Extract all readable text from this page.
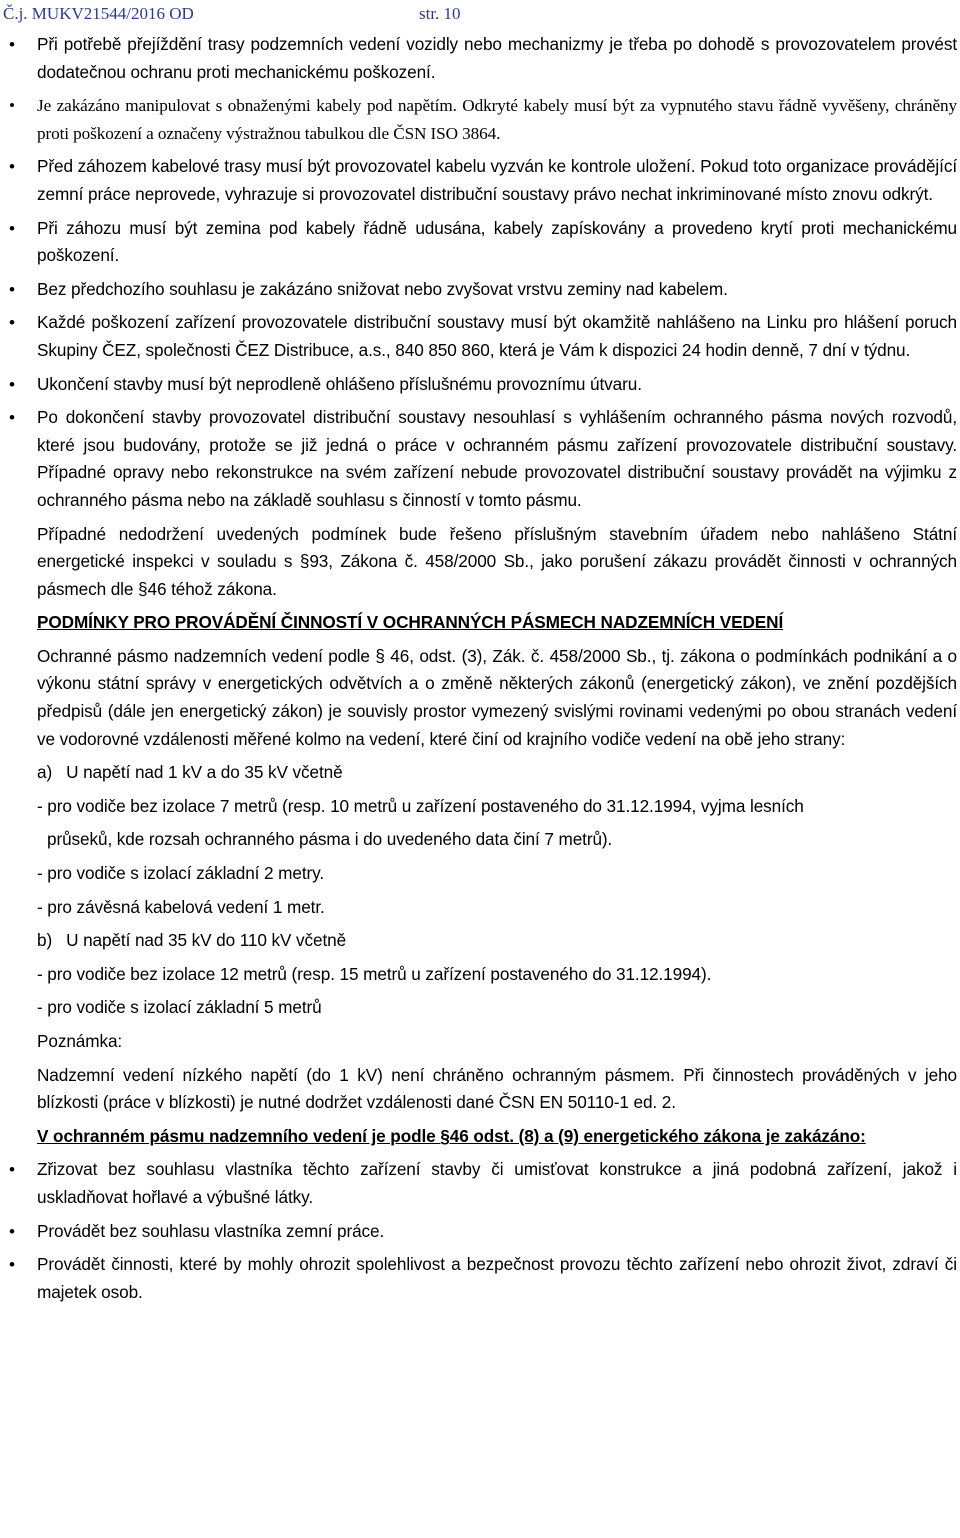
Č.j. MUKV21544/2016 OD	str. 10
• Při potřebě přejíždění trasy podzemních vedení vozidly nebo mechanizmy je třeba po dohodě s provozovatelem provést dodatečnou ochranu proti mechanickému poškození.
• Je zakázáno manipulovat s obnaženými kabely pod napětím. Odkryté kabely musí být za vypnutého stavu řádně vyvěšeny, chráněny proti poškození a označeny výstražnou tabulkou dle ČSN ISO 3864.
• Před záhozem kabelové trasy musí být provozovatel kabelu vyzván ke kontrole uložení. Pokud toto organizace provádějící zemní práce neprovede, vyhrazuje si provozovatel distribuční soustavy právo nechat inkriminované místo znovu odkrýt.
• Při záhozu musí být zemina pod kabely řádně udusána, kabely zapískovány a provedeno krytí proti mechanickému poškození.
• Bez předchozího souhlasu je zakázáno snižovat nebo zvyšovat vrstvu zeminy nad kabelem.
• Každé poškození zařízení provozovatele distribuční soustavy musí být okamžitě nahlášeno na Linku pro hlášení poruch Skupiny ČEZ, společnosti ČEZ Distribuce, a.s., 840 850 860, která je Vám k dispozici 24 hodin denně, 7 dní v týdnu.
• Ukončení stavby musí být neprodleně ohlášeno příslušnému provoznímu útvaru.
• Po dokončení stavby provozovatel distribuční soustavy nesouhlasí s vyhlášením ochranného pásma nových rozvodů, které jsou budovány, protože se již jedná o práce v ochranném pásmu zařízení provozovatele distribuční soustavy. Případné opravy nebo rekonstrukce na svém zařízení nebude provozovatel distribuční soustavy provádět na výjimku z ochranného pásma nebo na základě souhlasu s činností v tomto pásmu.

Případné nedodržení uvedených podmínek bude řešeno příslušným stavebním úřadem nebo nahlášeno Státní energetické inspekci v souladu s §93, Zákona č. 458/2000 Sb., jako porušení zákazu provádět činnosti v ochranných pásmech dle §46 téhož zákona.

PODMÍNKY PRO PROVÁDĚNÍ ČINNOSTÍ V OCHRANNÝCH PÁSMECH NADZEMNÍCH VEDENÍ

Ochranné pásmo nadzemních vedení podle § 46, odst. (3), Zák. č. 458/2000 Sb., tj. zákona o podmínkách podnikání a o výkonu státní správy v energetických odvětvích a o změně některých zákonů (energetický zákon), ve znění pozdějších předpisů (dále jen energetický zákon) je souvisly prostor vymezený svislými rovinami vedenými po obou stranách vedení ve vodorovné vzdálenosti měřené kolmo na vedení, které činí od krajního vodiče vedení na obě jeho strany:

a)   U napětí nad 1 kV a do 35 kV včetně

- pro vodiče bez izolace 7 metrů (resp. 10 metrů u zařízení postaveného do 31.12.1994, vyjma lesních

průseků, kde rozsah ochranného pásma i do uvedeného data činí 7 metrů).

- pro vodiče s izolací základní 2 metry.

- pro závěsná kabelová vedení 1 metr.

b)   U napětí nad 35 kV do 110 kV včetně

- pro vodiče bez izolace 12 metrů (resp. 15 metrů u zařízení postaveného do 31.12.1994).

- pro vodiče s izolací základní 5 metrů

Poznámka:

Nadzemní vedení nízkého napětí (do 1 kV) není chráněno ochranným pásmem. Při činnostech prováděných v jeho blízkosti (práce v blízkosti) je nutné dodržet vzdálenosti dané ČSN EN 50110-1 ed. 2.

V ochranném pásmu nadzemního vedení je podle §46 odst. (8) a (9) energetického zákona je zakázáno:

• Zřizovat bez souhlasu vlastníka těchto zařízení stavby či umisťovat konstrukce a jiná podobná zařízení, jakož i uskladňovat hořlavé a výbušné látky.
• Provádět bez souhlasu vlastníka zemní práce.
• Provádět činnosti, které by mohly ohrozit spolehlivost a bezpečnost provozu těchto zařízení nebo ohrozit život, zdraví či majetek osob.
